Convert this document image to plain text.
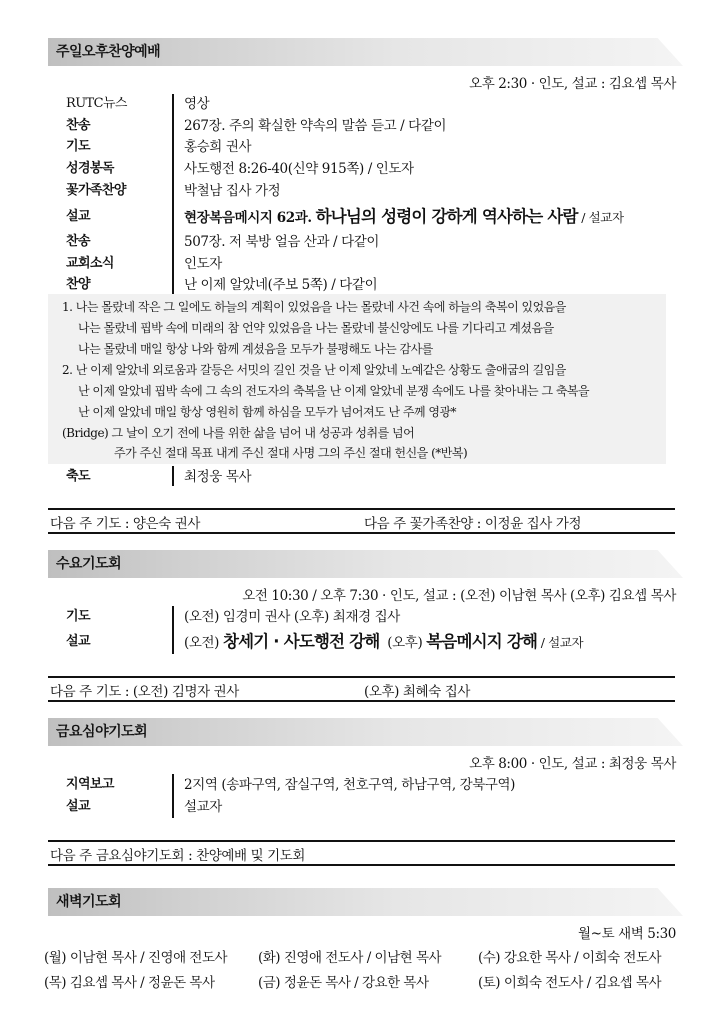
주일오후찬양예배
오후 2:30 · 인도, 설교 : 김요셉 목사
RUTC뉴스	영상
찬송	267장. 주의 확실한 약속의 말씀 듣고 / 다같이
기도	홍승희 권사
성경봉독	사도행전 8:26-40(신약 915쪽) / 인도자
꽃가족찬양	박철남 집사 가정
설교	현장복음메시지 62과. 하나님의 성령이 강하게 역사하는 사람 / 설교자
찬송	507장. 저 북방 얼음 산과 / 다같이
교회소식	인도자
찬양	난 이제 알았네(주보 5쪽) / 다같이
1. 나는 몰랐네 작은 그 일에도 하늘의 계획이 있었음을 나는 몰랐네 사건 속에 하늘의 축복이 있었음을
나는 몰랐네 핍박 속에 미래의 참 언약 있었음을 나는 몰랐네 불신앙에도 나를 기다리고 계셨음을
나는 몰랐네 매일 항상 나와 함께 계셨음을 모두가 불평해도 나는 감사를
2. 난 이제 알았네 외로움과 갈등은 서밋의 길인 것을 난 이제 알았네 노예같은 상황도 출애굽의 길임을
난 이제 알았네 핍박 속에 그 속의 전도자의 축복을 난 이제 알았네 분쟁 속에도 나를 찾아내는 그 축복을
난 이제 알았네 매일 항상 영원히 함께 하심을 모두가 넘어져도 난 주께 영광*
(Bridge) 그 날이 오기 전에 나를 위한 삶을 넘어 내 성공과 성취를 넘어
주가 주신 절대 목표 내게 주신 절대 사명 그의 주신 절대 헌신을 (*반복)
축도	최정웅 목사
다음 주 기도 : 양은숙 권사	다음 주 꽃가족찬양 : 이정윤 집사 가정
수요기도회
오전 10:30 / 오후 7:30 · 인도, 설교 : (오전) 이남현 목사 (오후) 김요셉 목사
기도	(오전) 임경미 권사 (오후) 최재경 집사
설교	(오전) 창세기 · 사도행전 강해 (오후) 복음메시지 강해 / 설교자
다음 주 기도 : (오전) 김명자 권사	(오후) 최혜숙 집사
금요심야기도회
오후 8:00 · 인도, 설교 : 최정웅 목사
지역보고	2지역 (송파구역, 잠실구역, 천호구역, 하남구역, 강북구역)
설교	설교자
다음 주 금요심야기도회 : 찬양예배 및 기도회
새벽기도회
월~토 새벽 5:30
(월) 이남현 목사 / 진영애 전도사 (화) 진영애 전도사 / 이남현 목사	(수) 강요한 목사 / 이희숙 전도사
(목) 김요셉 목사 / 정윤돈 목사	(금) 정윤돈 목사 / 강요한 목사	(토) 이희숙 전도사 / 김요셉 목사
